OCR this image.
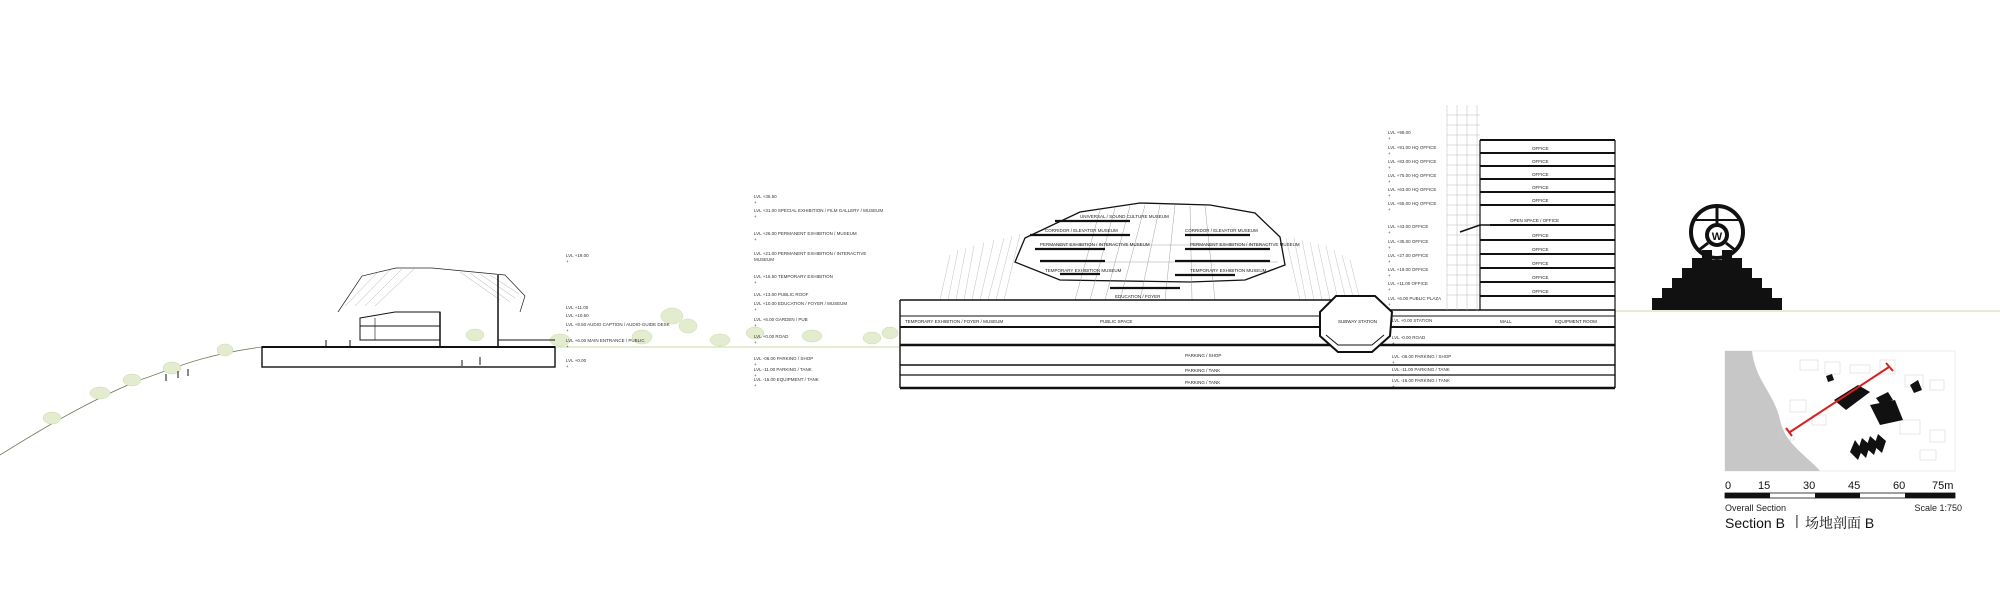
LVL +19.00
+
LVL +11.00
LVL +10.60
LVL +8.50 AUDIO CAPTION / AUDIO-GUIDE DESK
+
LVL +6.00 MAIN ENTRANCE / PUBLIC
+
LVL +0.00
+
LVL +36.50
+
LVL +31.00 SPECIAL EXHIBITION / FILM GALLERY / MUSEUM
+
LVL +26.00 PERMANENT EXHIBITION / MUSEUM
+
LVL +21.00 PERMANENT EXHIBITION / INTERACTIVE
MUSEUM
LVL +16.50 TEMPORARY EXHIBITION
+
LVL +13.00 PUBLIC ROOF
LVL +10.00 EDUCATION / FOYER / MUSEUM
+
LVL +6.00 GARDEN / PUB
+
LVL +0.00 ROAD
+
LVL -06.00 PARKING / SHOP
+
LVL -11.00 PARKING / TANK
+
LVL -16.00 EQUIPMENT / TANK
+
UNIVERSAL / SOUND CULTURE MUSEUM
CORRIDOR / ELEVATOR MUSEUM	CORRIDOR / ELEVATOR MUSEUM
PERMANENT EXHIBITION / INTERACTIVE MUSEUM	PERMANENT EXHIBITION / INTERACTIVE MUSEUM
TEMPORARY EXHIBITION MUSEUM	TEMPORARY EXHIBITION MUSEUM
EDUCATION / FOYER
TEMPORARY EXHIBITION / FOYER / MUSEUM	PUBLIC SPACE	SUBWAY STATION	MALL	EQUIPMENT ROOM
PARKING / SHOP
PARKING / TANK
PARKING / TANK
OFFICE
OFFICE
OFFICE
OFFICE
OFFICE
OPEN SPACE / OFFICE
OFFICE
OFFICE
OFFICE
OFFICE
OFFICE
LVL +99.00
+
LVL +91.00 HQ OFFICE
+
LVL +83.00 HQ OFFICE
+
LVL +75.00 HQ OFFICE
+
LVL +63.00 HQ OFFICE
+
LVL +55.00 HQ OFFICE
+
LVL +43.00 OFFICE
+
LVL +35.00 OFFICE
+
LVL +27.00 OFFICE
+
LVL +19.00 OFFICE
+
LVL +11.00 OFFICE
+
LVL +6.00 PUBLIC PLAZA
+
LVL +0.00 STATION
+
LVL -0.00 ROAD
+
LVL -06.00 PARKING / SHOP
+
LVL -11.00 PARKING / TANK
+
LVL -16.00 PARKING / TANK
+
W
0 15	30	45	60 75m
Overall Section	Scale 1:750
Section B 丨 场地剖面 B
